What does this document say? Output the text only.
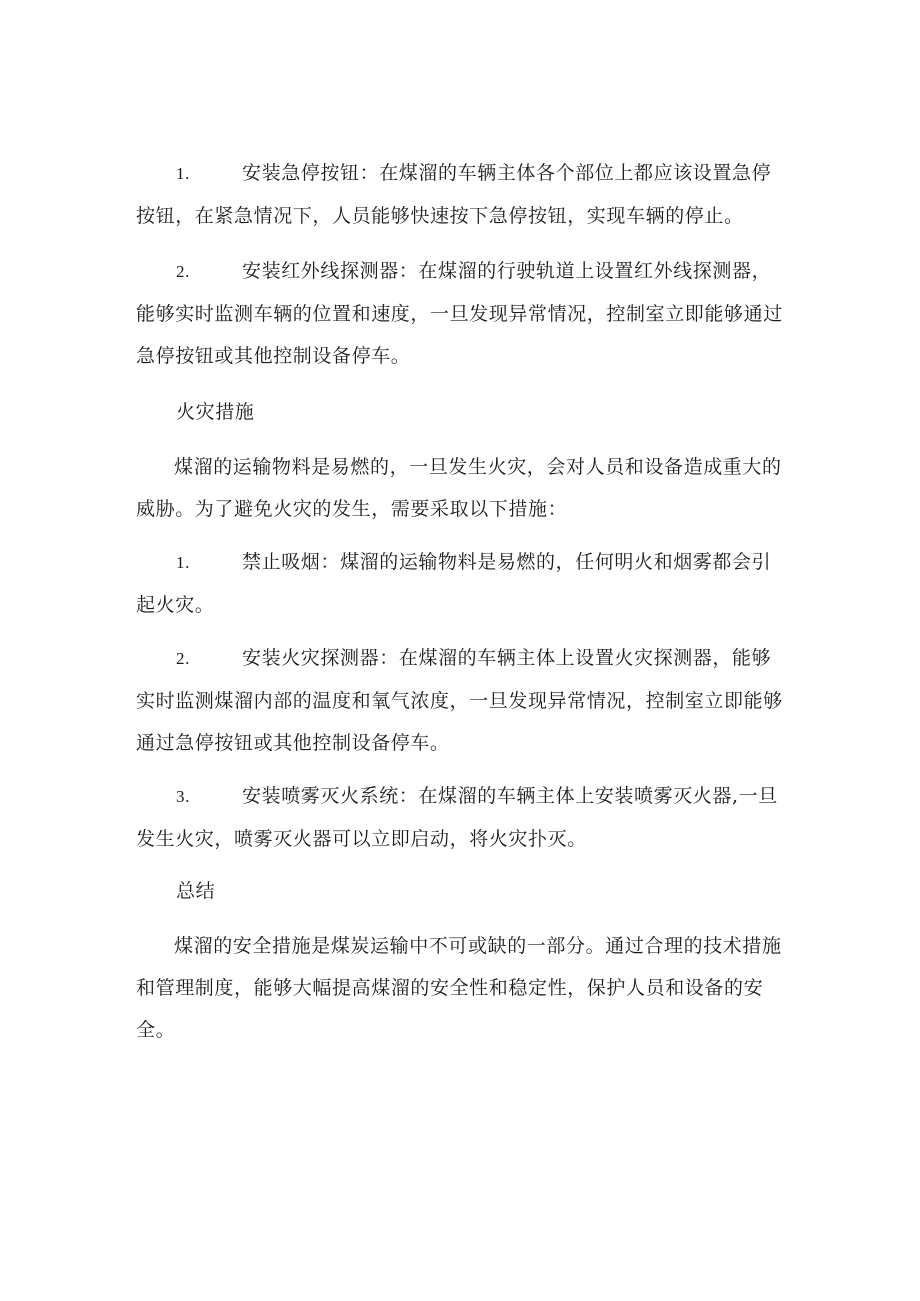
1.	安装急停按钮：在煤溜的车辆主体各个部位上都应该设置急停按钮，在紧急情况下，人员能够快速按下急停按钮，实现车辆的停止。

2.	安装红外线探测器：在煤溜的行驶轨道上设置红外线探测器，能够实时监测车辆的位置和速度，一旦发现异常情况，控制室立即能够通过急停按钮或其他控制设备停车。

火灾措施

煤溜的运输物料是易燃的，一旦发生火灾，会对人员和设备造成重大的威胁。为了避免火灾的发生，需要采取以下措施：

1.	禁止吸烟：煤溜的运输物料是易燃的，任何明火和烟雾都会引起火灾。

2.	安装火灾探测器：在煤溜的车辆主体上设置火灾探测器，能够实时监测煤溜内部的温度和氧气浓度，一旦发现异常情况，控制室立即能够通过急停按钮或其他控制设备停车。

3.	安装喷雾灭火系统：在煤溜的车辆主体上安装喷雾灭火器,一旦发生火灾，喷雾灭火器可以立即启动，将火灾扑灭。

总结

煤溜的安全措施是煤炭运输中不可或缺的一部分。通过合理的技术措施和管理制度，能够大幅提高煤溜的安全性和稳定性，保护人员和设备的安全。
